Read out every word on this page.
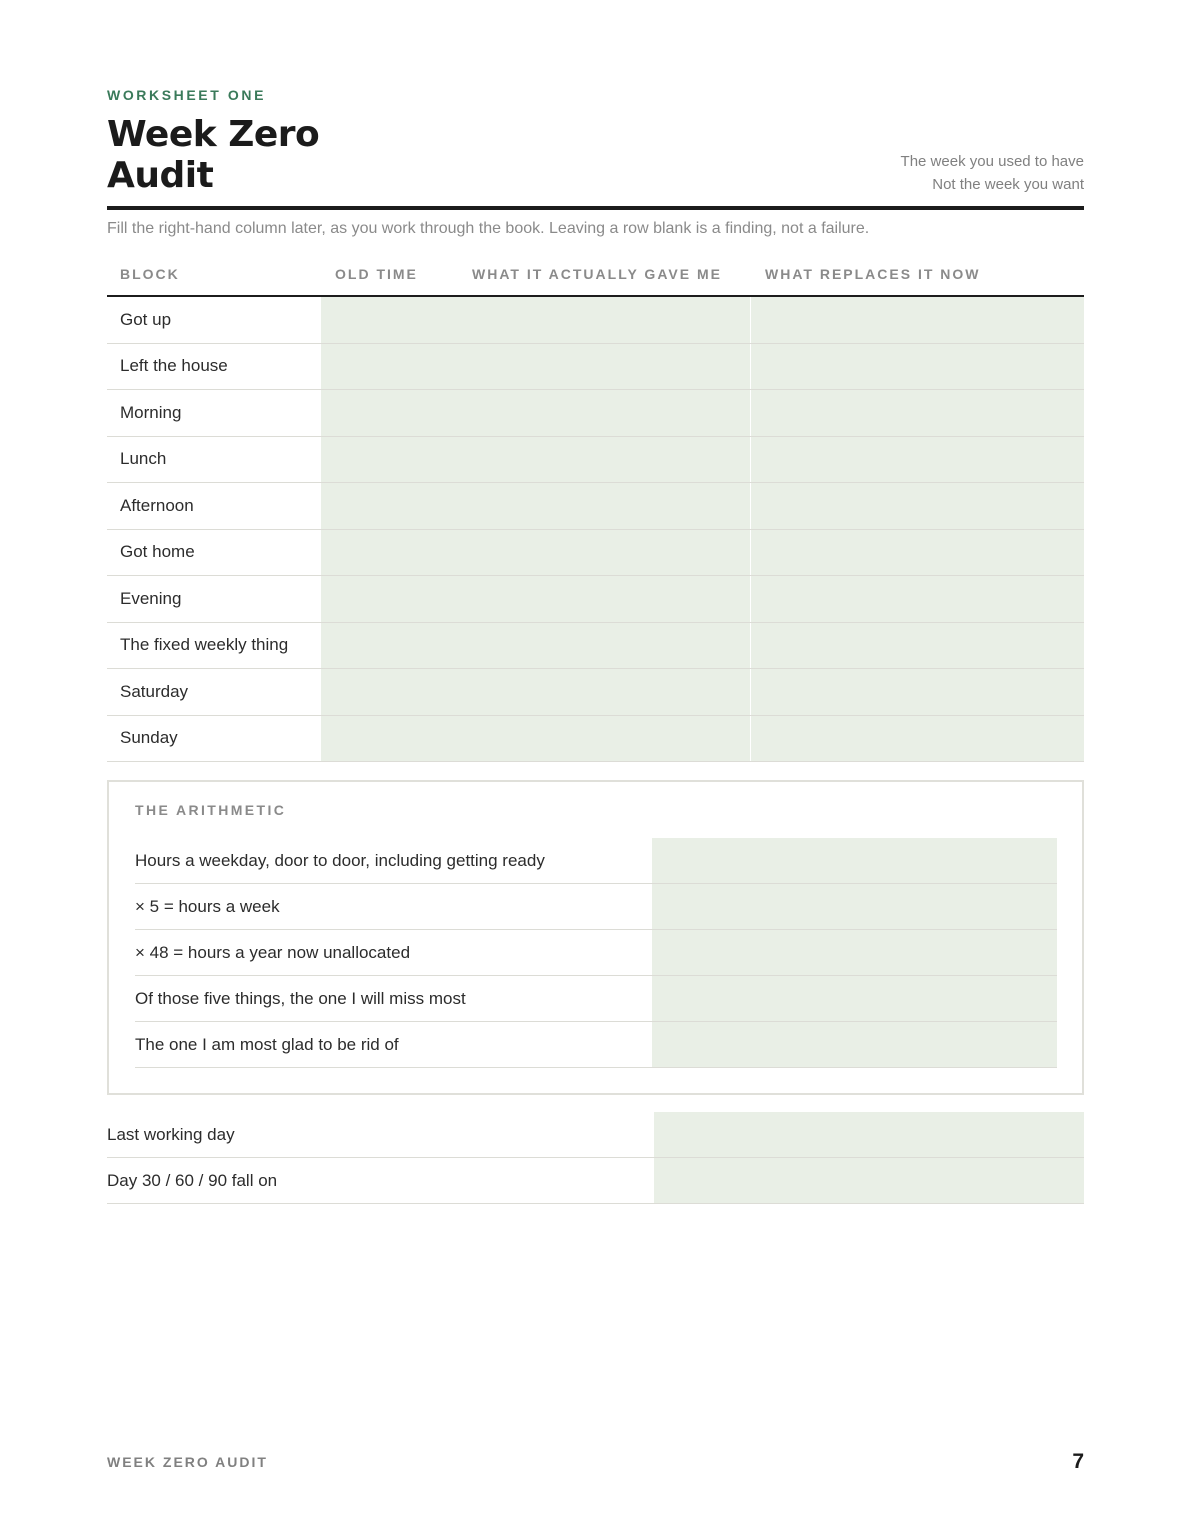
WORKSHEET ONE
Week Zero
Audit	The week you used to have
Not the week you want
Fill the right-hand column later, as you work through the book. Leaving a row blank is a finding, not a failure.
BLOCK	OLD TIME	WHAT IT ACTUALLY GAVE ME	WHAT REPLACES IT NOW
Got up
Left the house
Morning
Lunch
Afternoon
Got home
Evening
The fixed weekly thing
Saturday
Sunday
THE ARITHMETIC
Hours a weekday, door to door, including getting ready
× 5 = hours a week
× 48 = hours a year now unallocated
Of those five things, the one I will miss most
The one I am most glad to be rid of
Last working day
Day 30 / 60 / 90 fall on
WEEK ZERO AUDIT	7
